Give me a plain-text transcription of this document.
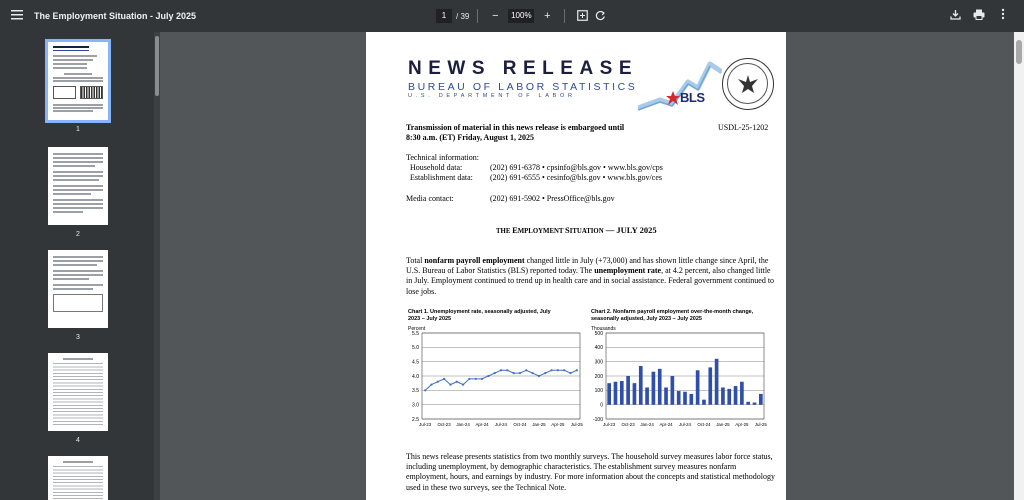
The Employment Situation - July 2025	1	/ 39	−	100%	+
1
2
3
4
NEWS RELEASE
BUREAU OF LABOR STATISTICS
U.S. DEPARTMENT OF LABOR	BLS
Transmission of material in this news release is embargoed until
8:30 a.m. (ET) Friday, August 1, 2025
USDL-25-1202
Technical information:
Household data:	(202) 691-6378 • cpsinfo@bls.gov • www.bls.gov/cps
Establishment data: (202) 691-6555 • cesinfo@bls.gov • www.bls.gov/ces
Media contact:	(202) 691-5902 • PressOffice@bls.gov
THE EMPLOYMENT SITUATION — JULY 2025
Total nonfarm payroll employment changed little in July (+73,000) and has shown little change since April, the U.S. Bureau of Labor Statistics (BLS) reported today. The unemployment rate, at 4.2 percent, also changed little in July. Employment continued to trend up in health care and in social assistance. Federal government continued to lose jobs.
Chart 1. Unemployment rate, seasonally adjusted, July 2023 – July 2025
Percent
5.5
5.0
4.5
4.0
3.5
3.0
2.5
Jul-23 Oct-23 Jan-24 Apr-24 Jul-24 Oct-24 Jan-25 Apr-25 Jul-25
Chart 2. Nonfarm payroll employment over-the-month change, seasonally adjusted, July 2023 – July 2025
Thousands
500
400
300
200
100
0
-100
Jul-23 Oct-23 Jan-24 Apr-24 Jul-24 Oct-24 Jan-25 Apr-25 Jul-25
This news release presents statistics from two monthly surveys. The household survey measures labor force status, including unemployment, by demographic characteristics. The establishment survey measures nonfarm employment, hours, and earnings by industry. For more information about the concepts and statistical methodology used in these two surveys, see the Technical Note.
